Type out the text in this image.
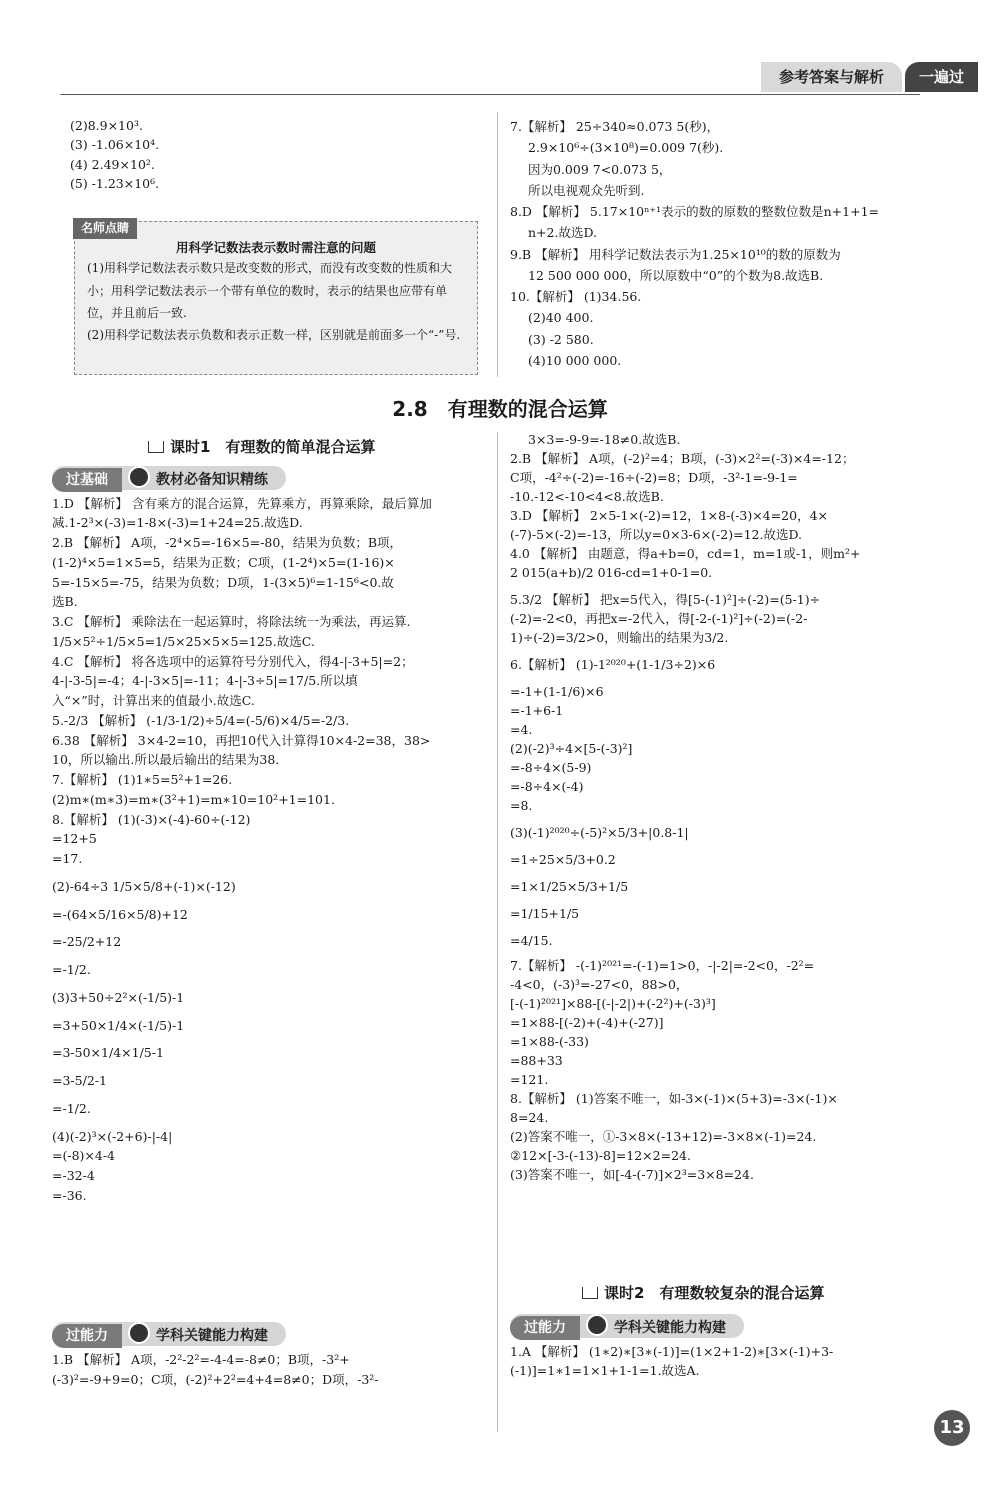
参考答案与解析	一遍过

(2)8.9×10³.

(3) -1.06×10⁴.

(4) 2.49×10².

(5) -1.23×10⁶.

名师点睛
用科学记数法表示数时需注意的问题

(1)用科学记数法表示数只是改变数的形式，而没有改变数的性质和大小；用科学记数法表示一个带有单位的数时，表示的结果也应带有单位，并且前后一致.

(2)用科学记数法表示负数和表示正数一样，区别就是前面多一个“-”号.

7.【解析】 25÷340≈0.073 5(秒)，

2.9×10⁶÷(3×10⁸)=0.009 7(秒).

因为0.009 7<0.073 5，

所以电视观众先听到.

8.D 【解析】 5.17×10ⁿ⁺¹表示的数的原数的整数位数是n+1+1=

n+2.故选D.

9.B 【解析】 用科学记数法表示为1.25×10¹⁰的数的原数为

12 500 000 000，所以原数中“0”的个数为8.故选B.

10.【解析】 (1)34.56.

(2)40 400.

(3) -2 580.

(4)10 000 000.

2.8　有理数的混合运算
课时1　有理数的简单混合运算
过基础	教材必备知识精练

1.D 【解析】 含有乘方的混合运算，先算乘方，再算乘除，最后算加

减.1-2³×(-3)=1-8×(-3)=1+24=25.故选D.

2.B 【解析】 A项，-2⁴×5=-16×5=-80，结果为负数；B项，

(1-2)⁴×5=1×5=5，结果为正数；C项，(1-2⁴)×5=(1-16)×

5=-15×5=-75，结果为负数；D项，1-(3×5)⁶=1-15⁶<0.故

选B.

3.C 【解析】 乘除法在一起运算时，将除法统一为乘法，再运算.

1/5×5²÷1/5×5=1/5×25×5×5=125.故选C.

4.C 【解析】 将各选项中的运算符号分别代入，得4-|-3+5|=2；

4-|-3-5|=-4；4-|-3×5|=-11；4-|-3÷5|=17/5.所以填

入“×”时，计算出来的值最小.故选C.

5.-2/3 【解析】 (-1/3-1/2)÷5/4=(-5/6)×4/5=-2/3.

6.38 【解析】 3×4-2=10，再把10代入计算得10×4-2=38，38>

10，所以输出.所以最后输出的结果为38.

7.【解析】 (1)1∗5=5²+1=26.

(2)m∗(m∗3)=m∗(3²+1)=m∗10=10²+1=101.

8.【解析】 (1)(-3)×(-4)-60÷(-12)

=12+5

=17.

(2)-64÷3 1/5×5/8+(-1)×(-12)

=-(64×5/16×5/8)+12

=-25/2+12

=-1/2.

(3)3+50÷2²×(-1/5)-1

=3+50×1/4×(-1/5)-1

=3-50×1/4×1/5-1

=3-5/2-1

=-1/2.

(4)(-2)³×(-2+6)-|-4|

=(-8)×4-4

=-32-4

=-36.

过能力	学科关键能力构建

1.B 【解析】 A项，-2²-2²=-4-4=-8≠0；B项，-3²+

(-3)²=-9+9=0；C项，(-2)²+2²=4+4=8≠0；D项，-3²-

3×3=-9-9=-18≠0.故选B.

2.B 【解析】 A项，(-2)²=4；B项，(-3)×2²=(-3)×4=-12；

C项，-4²÷(-2)=-16÷(-2)=8；D项，-3²-1=-9-1=

-10.-12<-10<4<8.故选B.

3.D 【解析】 2×5-1×(-2)=12，1×8-(-3)×4=20，4×

(-7)-5×(-2)=-13，所以y=0×3-6×(-2)=12.故选D.

4.0 【解析】 由题意，得a+b=0，cd=1，m=1或-1，则m²+

2 015(a+b)/2 016-cd=1+0-1=0.

5.3/2 【解析】 把x=5代入，得[5-(-1)²]÷(-2)=(5-1)÷

(-2)=-2<0，再把x=-2代入，得[-2-(-1)²]÷(-2)=(-2-

1)÷(-2)=3/2>0，则输出的结果为3/2.

6.【解析】 (1)-1²⁰²⁰+(1-1/3÷2)×6

=-1+(1-1/6)×6

=-1+6-1

=4.

(2)(-2)³÷4×[5-(-3)²]

=-8÷4×(5-9)

=-8÷4×(-4)

=8.

(3)(-1)²⁰²⁰÷(-5)²×5/3+|0.8-1|

=1÷25×5/3+0.2

=1×1/25×5/3+1/5

=1/15+1/5

=4/15.

7.【解析】 -(-1)²⁰²¹=-(-1)=1>0，-|-2|=-2<0，-2²=

-4<0，(-3)³=-27<0，88>0，

[-(-1)²⁰²¹]×88-[(-|-2|)+(-2²)+(-3)³]

=1×88-[(-2)+(-4)+(-27)]

=1×88-(-33)

=88+33

=121.

8.【解析】 (1)答案不唯一，如-3×(-1)×(5+3)=-3×(-1)×

8=24.

(2)答案不唯一，①-3×8×(-13+12)=-3×8×(-1)=24.

②12×[-3-(-13)-8]=12×2=24.

(3)答案不唯一，如[-4-(-7)]×2³=3×8=24.

课时2　有理数较复杂的混合运算
过能力	学科关键能力构建

1.A 【解析】 (1∗2)∗[3∗(-1)]=(1×2+1-2)∗[3×(-1)+3-

(-1)]=1∗1=1×1+1-1=1.故选A.

13
